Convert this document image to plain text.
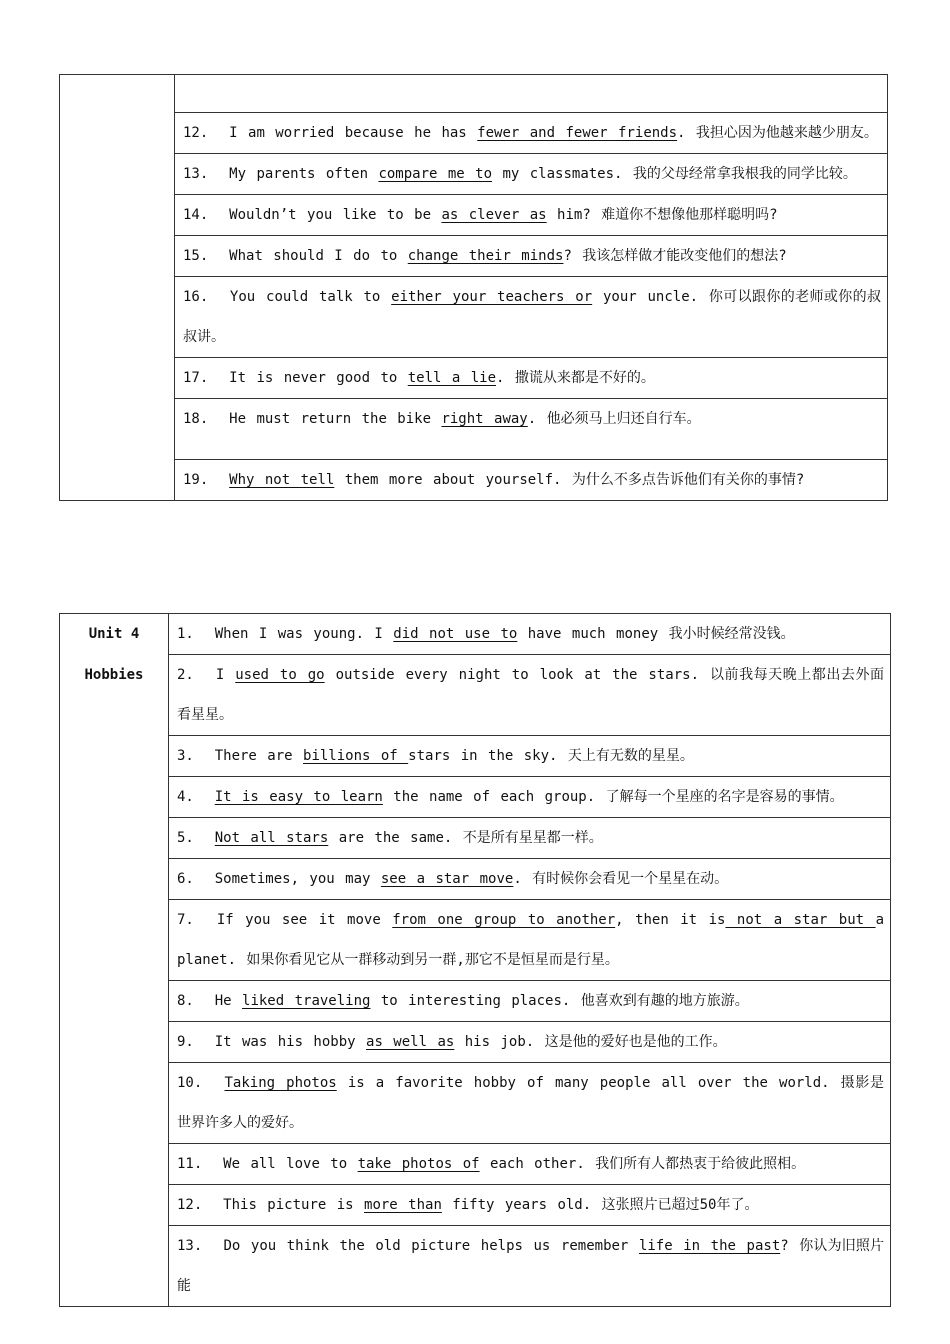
12. I am worried because he has fewer and fewer friends. 我担心因为他越来越少朋友。
13. My parents often compare me to my classmates. 我的父母经常拿我根我的同学比较。
14. Wouldn’t you like to be as clever as him? 难道你不想像他那样聪明吗?
15. What should I do to change their minds? 我该怎样做才能改变他们的想法?
16. You could talk to either your teachers or your uncle. 你可以跟你的老师或你的叔叔讲。
17. It is never good to tell a lie. 撒谎从来都是不好的。
18. He must return the bike right away. 他必须马上归还自行车。

19. Why not tell them more about yourself. 为什么不多点告诉他们有关你的事情?
Unit 4
Hobbies
	1. When I was young. I did not use to have much money 我小时候经常没钱。
2. I used to go outside every night to look at the stars. 以前我每天晚上都出去外面看星星。
3. There are billions of stars in the sky. 天上有无数的星星。
4. It is easy to learn the name of each group. 了解每一个星座的名字是容易的事情。
5. Not all stars are the same. 不是所有星星都一样。
6. Sometimes, you may see a star move. 有时候你会看见一个星星在动。
7. If you see it move from one group to another, then it is not a star but a planet. 如果你看见它从一群移动到另一群,那它不是恒星而是行星。
8. He liked traveling to interesting places. 他喜欢到有趣的地方旅游。
9. It was his hobby as well as his job. 这是他的爱好也是他的工作。
10. Taking photos is a favorite hobby of many people all over the world. 摄影是世界许多人的爱好。
11. We all love to take photos of each other. 我们所有人都热衷于给彼此照相。
12. This picture is more than fifty years old. 这张照片已超过50年了。
13. Do you think the old picture helps us remember life in the past? 你认为旧照片能
